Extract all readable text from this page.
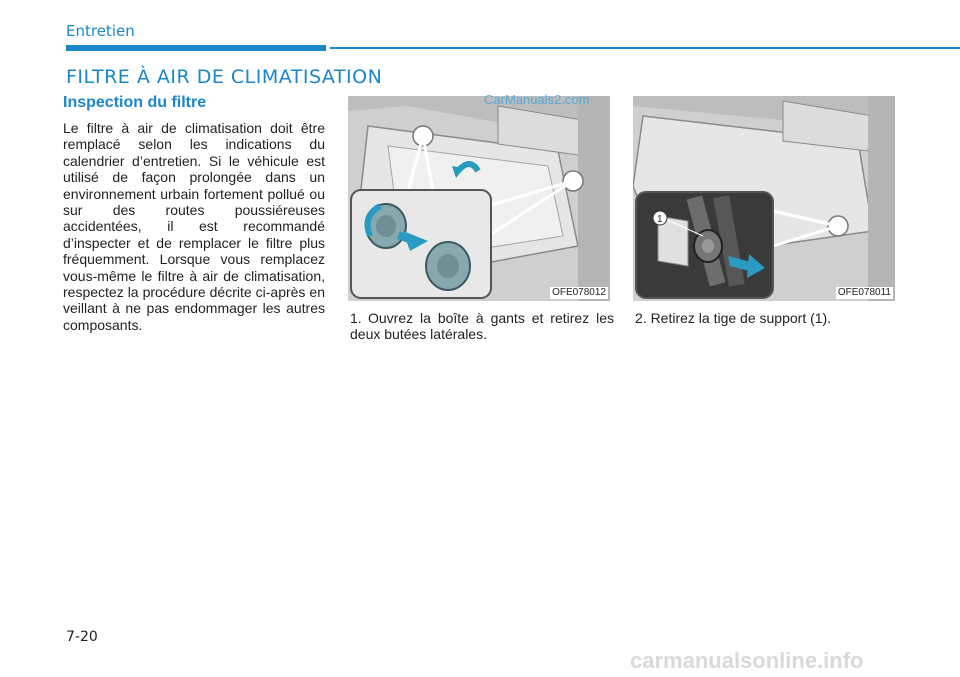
Entretien
FILTRE À AIR DE CLIMATISATION
Inspection du filtre

Le filtre à air de climatisation doit être remplacé selon les indications du calendrier d’entretien. Si le véhicule est utilisé de façon prolongée dans un environnement urbain fortement pollué ou sur des routes poussiéreuses accidentées, il est recommandé d’inspecter et de remplacer le filtre plus fréquemment. Lorsque vous remplacez vous-même le filtre à air de climatisation, respectez la procédure décrite ci-après en veillant à ne pas endommager les autres composants.

OFE078012
1
OFE078011
CarManuals2.com

1. Ouvrez la boîte à gants et retirez les deux butées latérales.

2. Retirez la tige de support (1).

7-20
carmanualsonline.info
